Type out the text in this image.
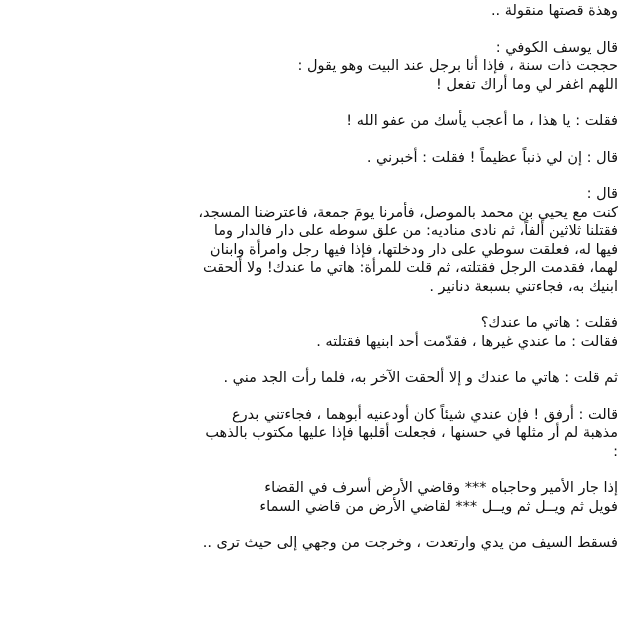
وهذة قصتها منقولة ..
قال يوسف الكوفي :
حججت ذات سنة ، فإذا أنا برجل عند البيت وهو يقول :
اللهم اغفر لي وما أراك تفعل !
فقلت : يا هذا ، ما أعجب يأسك من عفو الله !
قال : إن لي ذنباً عظيماً ! فقلت : أخبرني .
قال :
كنت مع يحيي بن محمد بالموصل، فأمرنا يومَ جمعة، فاعترضنا المسجد،
فقتلنا ثلاثين ألفاً، ثم نادى مناديه: من علق سوطه على دار فالدار وما
فيها له، فعلقت سوطي على دار ودخلتها، فإذا فيها رجل وامرأة وابنان
لهما، فقدمت الرجل فقتلته، ثم قلت للمرأة: هاتي ما عندك! ولا ألحقت
ابنيك به، فجاءتني بسبعة دنانير .
فقلت : هاتي ما عندك؟
فقالت : ما عندي غيرها ، فقدّمت أحد ابنيها فقتلته .
ثم قلت : هاتي ما عندك و إلا ألحقت الآخر به، فلما رأت الجد مني .
قالت : أرفق ! فإن عندي شيئاً كان أودعنيه أبوهما ، فجاءتني بدرع
مذهبة لم أر مثلها في حسنها ، فجعلت أقلبها فإذا عليها مكتوب بالذهب
:
إذا جار الأمير وحاجباه *** وقاضي الأرض أسرف في القضاء
فويل ثم ويــل ثم ويــل *** لقاضي الأرض من قاضي السماء
فسقط السيف من يدي وارتعدت ، وخرجت من وجهي إلى حيث ترى ..
